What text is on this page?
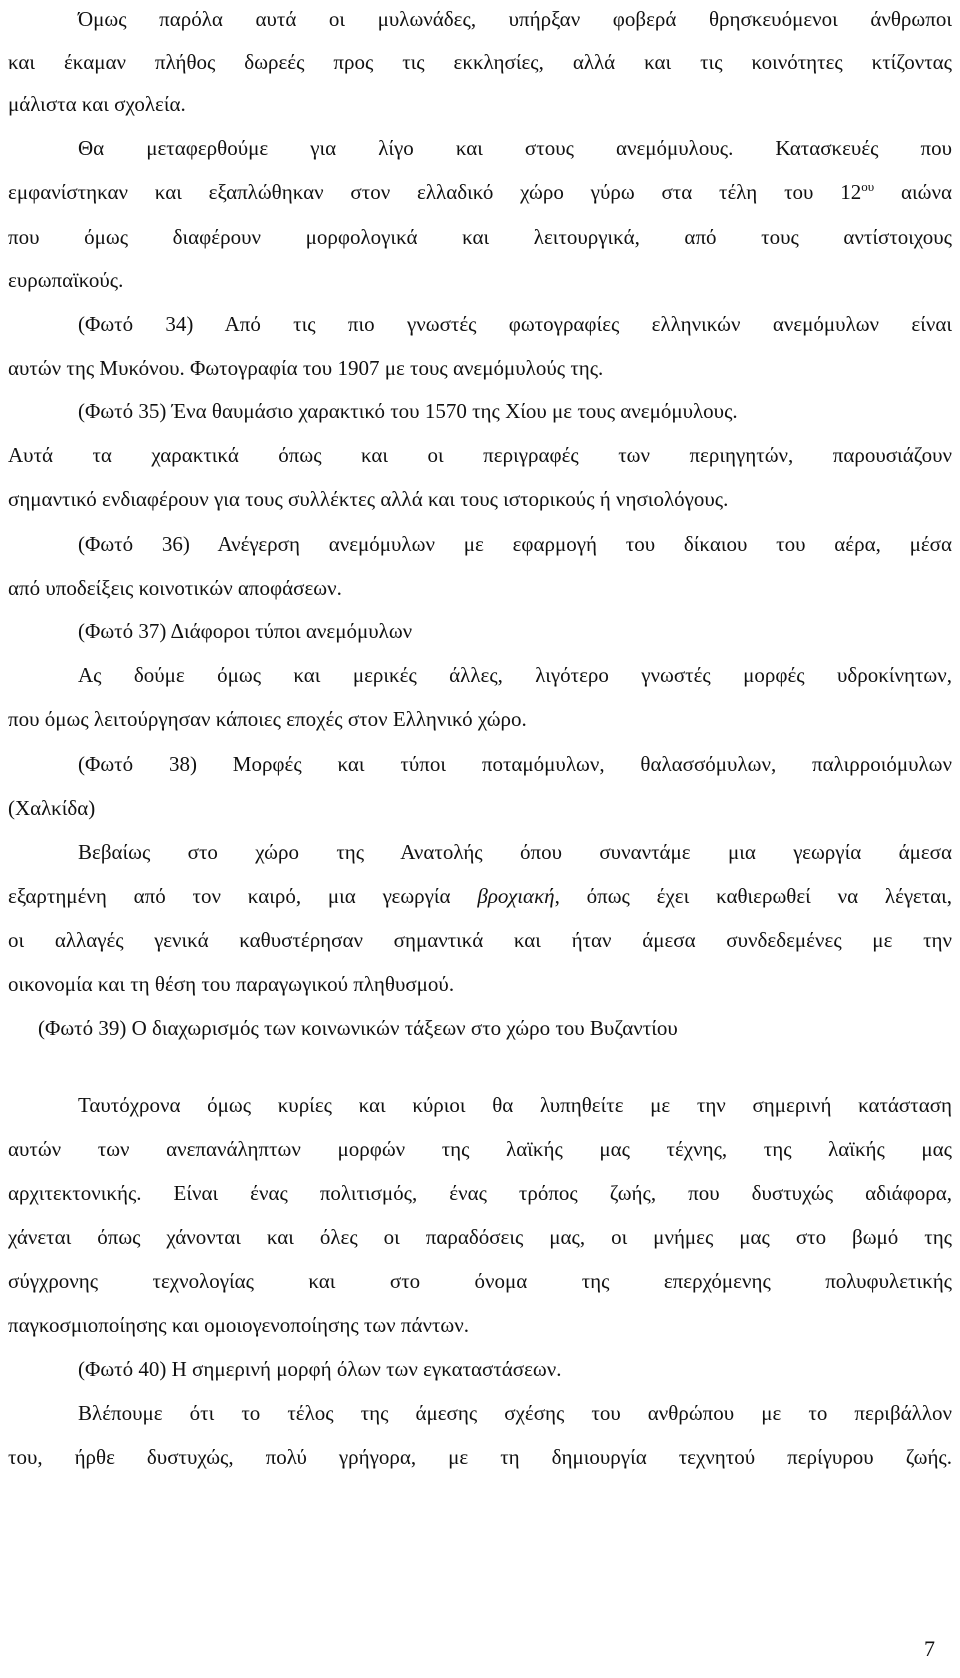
Όμως παρόλα αυτά οι μυλωνάδες, υπήρξαν φοβερά θρησκευόμενοι άνθρωποι
και έκαμαν πλήθος δωρεές προς τις εκκλησίες, αλλά και τις κοινότητες κτίζοντας
μάλιστα και σχολεία.
Θα μεταφερθούμε για λίγο και στους ανεμόμυλους. Κατασκευές που
εμφανίστηκαν και εξαπλώθηκαν στον ελλαδικό χώρο γύρω στα τέλη του $12^{o\upsilon}$ αιώνα
που όμως διαφέρουν μορφολογικά και λειτουργικά, από τους αντίστοιχους
ευρωπαϊκούς.
(Φωτό 34) Από τις πιο γνωστές φωτογραφίες ελληνικών ανεμόμυλων είναι
αυτών της Μυκόνου. Φωτογραφία του 1907 με τους ανεμόμυλούς της.
(Φωτό 35) Ένα θαυμάσιο χαρακτικό του 1570 της Χίου με τους ανεμόμυλους.
Αυτά τα χαρακτικά όπως και οι περιγραφές των περιηγητών, παρουσιάζουν
σημαντικό ενδιαφέρουν για τους συλλέκτες αλλά και τους ιστορικούς ή νησιολόγους.
(Φωτό 36) Ανέγερση ανεμόμυλων με εφαρμογή του δίκαιου του αέρα, μέσα
από υποδείξεις κοινοτικών αποφάσεων.
(Φωτό 37) Διάφοροι τύποι ανεμόμυλων
Ας δούμε όμως και μερικές άλλες, λιγότερο γνωστές μορφές υδροκίνητων,
που όμως λειτούργησαν κάποιες εποχές στον Ελληνικό χώρο.
(Φωτό 38) Μορφές και τύποι ποταμόμυλων, θαλασσόμυλων, παλιρροιόμυλων
(Χαλκίδα)
Βεβαίως στο χώρο της Ανατολής όπου συναντάμε μια γεωργία άμεσα
εξαρτημένη από τον καιρό, μια γεωργία βροχιακή, όπως έχει καθιερωθεί να λέγεται,
οι αλλαγές γενικά καθυστέρησαν σημαντικά και ήταν άμεσα συνδεδεμένες με την
οικονομία και τη θέση του παραγωγικού πληθυσμού.
(Φωτό 39) Ο διαχωρισμός των κοινωνικών τάξεων στο χώρο του Βυζαντίου
Ταυτόχρονα όμως κυρίες και κύριοι θα λυπηθείτε με την σημερινή κατάσταση
αυτών των ανεπανάληπτων μορφών της λαϊκής μας τέχνης, της λαϊκής μας
αρχιτεκτονικής. Είναι ένας πολιτισμός, ένας τρόπος ζωής, που δυστυχώς αδιάφορα,
χάνεται όπως χάνονται και όλες οι παραδόσεις μας, οι μνήμες μας στο βωμό της
σύγχρονης τεχνολογίας και στο όνομα της επερχόμενης πολυφυλετικής
παγκοσμιοποίησης και ομοιογενοποίησης των πάντων.
(Φωτό 40) Η σημερινή μορφή όλων των εγκαταστάσεων.
Βλέπουμε ότι το τέλος της άμεσης σχέσης του ανθρώπου με το περιβάλλον
του, ήρθε δυστυχώς, πολύ γρήγορα, με τη δημιουργία τεχνητού περίγυρου ζωής.
7
